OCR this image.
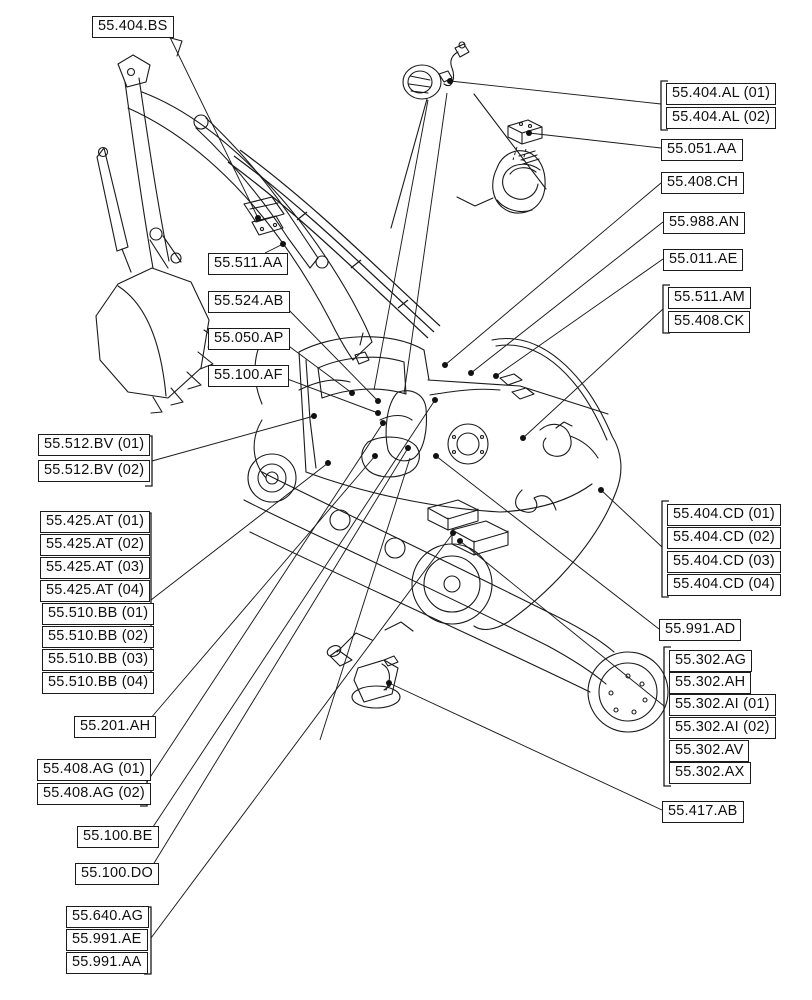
55.404.BS
55.404.AL (01)
55.404.AL (02)
55.051.AA
55.408.CH
55.988.AN
55.011.AE
55.511.AM
55.408.CK
55.511.AA
55.524.AB
55.050.AP
55.100.AF
55.512.BV (01)
55.512.BV (02)
55.425.AT (01)
55.425.AT (02)
55.425.AT (03)
55.425.AT (04)
55.510.BB (01)
55.510.BB (02)
55.510.BB (03)
55.510.BB (04)
55.201.AH
55.408.AG (01)
55.408.AG (02)
55.100.BE
55.100.DO
55.640.AG
55.991.AE
55.991.AA
55.404.CD (01)
55.404.CD (02)
55.404.CD (03)
55.404.CD (04)
55.991.AD
55.302.AG
55.302.AH
55.302.AI (01)
55.302.AI (02)
55.302.AV
55.302.AX
55.417.AB
